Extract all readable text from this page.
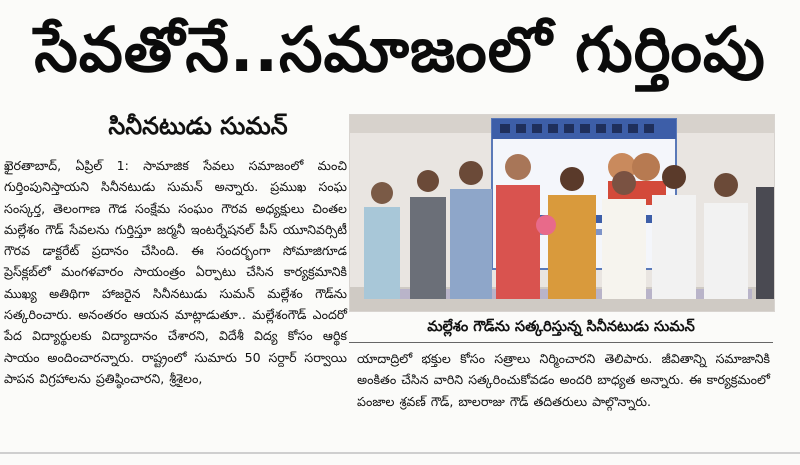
సేవతోనే..సమాజంలో గుర్తింపు
సినీనటుడు సుమన్

ఖైరతాబాద్, ఏప్రిల్ 1: సామాజిక సేవలు సమాజంలో మంచి గుర్తింపునిస్తాయని సినీనటుడు సుమన్ అన్నారు. ప్రముఖ సంఘ సంస్కర్త, తెలంగాణ గౌడ సంక్షేమ సంఘం గౌరవ అధ్యక్షులు చింతల మల్లేశం గౌడ్ సేవలను గుర్తిస్తూ జర్మనీ ఇంటర్నేషనల్ పీస్ యూనివర్సిటీ గౌరవ డాక్టరేట్ ప్రదానం చేసింది. ఈ సందర్భంగా సోమాజిగూడ ప్రెస్‌క్లబ్‌లో మంగళవారం సాయంత్రం ఏర్పాటు చేసిన కార్యక్రమానికి ముఖ్య అతిథిగా హాజరైన సినీనటుడు సుమన్ మల్లేశం గౌడ్‌ను సత్కరించారు. అనంతరం ఆయన మాట్లాడుతూ.. మల్లేశంగౌడ్ ఎందరో పేద విద్యార్థులకు విద్యాదానం చేశారని, విదేశీ విద్య కోసం ఆర్థిక సాయం అందించారన్నారు. రాష్ట్రంలో సుమారు 50 సర్దార్ సర్వాయి పాపన విగ్రహాలను ప్రతిష్ఠించారని, శ్రీశైలం,

మల్లేశం గౌడ్‌ను సత్కరిస్తున్న సినీనటుడు సుమన్

యాదాద్రిలో భక్తుల కోసం సత్రాలు నిర్మించారని తెలిపారు. జీవితాన్ని సమాజానికి అంకితం చేసిన వారిని సత్కరించుకోవడం అందరి బాధ్యత అన్నారు. ఈ కార్యక్రమంలో పంజాల శ్రవణ్ గౌడ్, బాలరాజు గౌడ్ తదితరులు పాల్గొన్నారు.
